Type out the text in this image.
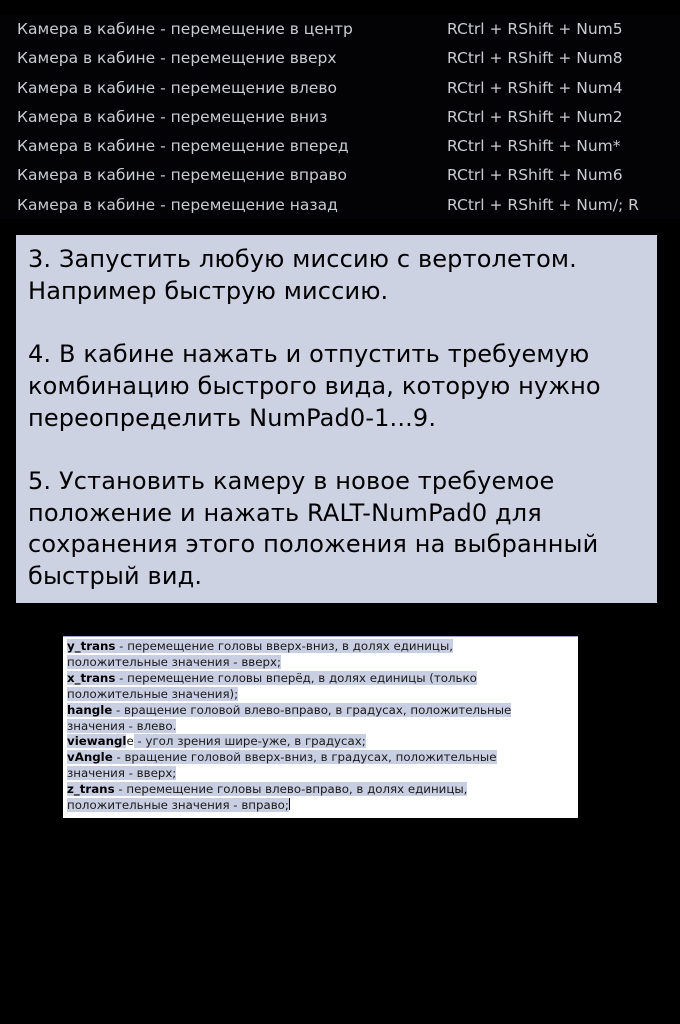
Камера в кабине - перемещение в центр	RCtrl + RShift + Num5
Камера в кабине - перемещение вверх	RCtrl + RShift + Num8
Камера в кабине - перемещение влево	RCtrl + RShift + Num4
Камера в кабине - перемещение вниз	RCtrl + RShift + Num2
Камера в кабине - перемещение вперед	RCtrl + RShift + Num*
Камера в кабине - перемещение вправо	RCtrl + RShift + Num6
Камера в кабине - перемещение назад	RCtrl + RShift + Num/; R
3. Запустить любую миссию с вертолетом.
Например быструю миссию.
4. В кабине нажать и отпустить требуемую
комбинацию быстрого вида, которую нужно
переопределить NumPad0-1...9.
5. Установить камеру в новое требуемое
положение и нажать RALT-NumPad0 для
сохранения этого положения на выбранный
быстрый вид.
y_trans - перемещение головы вверх-вниз, в долях единицы,
положительные значения - вверх;
x_trans - перемещение головы вперёд, в долях единицы (только
положительные значения);
hangle - вращение головой влево-вправо, в градусах, положительные
значения - влево.
viewangle - угол зрения шире-уже, в градусах;
vAngle - вращение головой вверх-вниз, в градусах, положительные
значения - вверх;
z_trans - перемещение головы влево-вправо, в долях единицы,
положительные значения - вправо;
